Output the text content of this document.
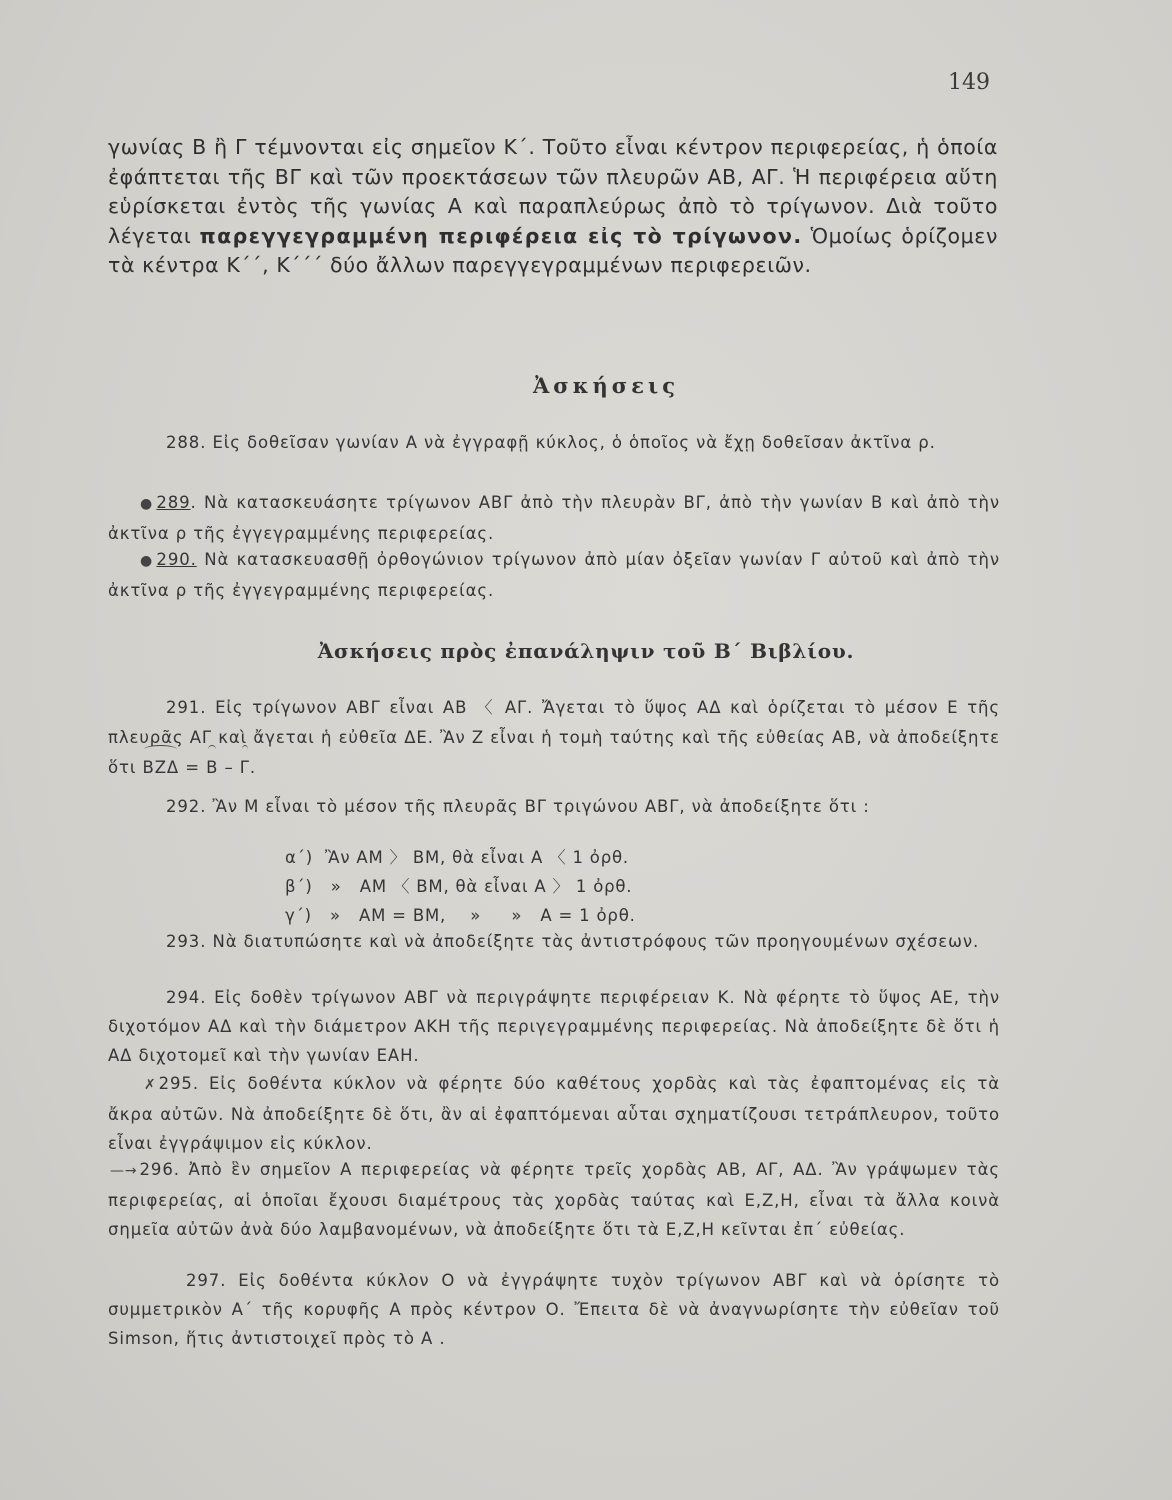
149
γωνίας Β ἢ Γ τέμνονται εἰς σημεῖον Κ΄. Τοῦτο εἶναι κέντρον περιφερείας, ἡ ὁποία ἐφάπτεται τῆς ΒΓ καὶ τῶν προεκτάσεων τῶν πλευρῶν ΑΒ, ΑΓ. Ἡ περιφέρεια αὕτη εὑρίσκεται ἐντὸς τῆς γωνίας Α καὶ παραπλεύρως ἀπὸ τὸ τρίγωνον. Διὰ τοῦτο λέγεται παρεγγεγραμμένη περιφέρεια εἰς τὸ τρίγωνον. Ὁμοίως ὁρίζομεν τὰ κέντρα Κ΄΄, Κ΄΄΄ δύο ἄλλων παρεγγεγραμμένων περιφερειῶν.
Ἀσκήσεις
288. Εἰς δοθεῖσαν γωνίαν Α νὰ ἐγγραφῇ κύκλος, ὁ ὁποῖος νὰ ἔχῃ δοθεῖσαν ἀκτῖνα ρ.
● 289. Νὰ κατασκευάσητε τρίγωνον ΑΒΓ ἀπὸ τὴν πλευρὰν ΒΓ, ἀπὸ τὴν γωνίαν Β καὶ ἀπὸ τὴν ἀκτῖνα ρ τῆς ἐγγεγραμμένης περιφερείας.
● 290. Νὰ κατασκευασθῇ ὀρθογώνιον τρίγωνον ἀπὸ μίαν ὀξεῖαν γωνίαν Γ αὐτοῦ καὶ ἀπὸ τὴν ἀκτῖνα ρ τῆς ἐγγεγραμμένης περιφερείας.
Ἀσκήσεις πρὸς ἐπανάληψιν τοῦ Β΄ Βιβλίου.
291. Εἰς τρίγωνον ΑΒΓ εἶναι ΑΒ 〈 ΑΓ. Ἄγεται τὸ ὕψος ΑΔ καὶ ὁρίζεται τὸ μέσον Ε τῆς πλευρᾶς ΑΓ καὶ ἄγεται ἡ εὐθεῖα ΔΕ. Ἂν Ζ εἶναι ἡ τομὴ ταύτης καὶ τῆς εὐθείας ΑΒ, νὰ ἀποδείξητε ὅτι ΒΖΔ = Β – Γ.
292. Ἂν Μ εἶναι τὸ μέσον τῆς πλευρᾶς ΒΓ τριγώνου ΑΒΓ, νὰ ἀποδείξητε ὅτι :
α΄)  Ἂν ΑΜ 〉 ΒΜ, θὰ εἶναι Α 〈 1 ὀρθ.
β΄)   »   ΑΜ 〈 ΒΜ, θὰ εἶναι Α 〉 1 ὀρθ.
γ΄)   »   ΑΜ = ΒΜ,    »     »   Α = 1 ὀρθ.
293. Νὰ διατυπώσητε καὶ νὰ ἀποδείξητε τὰς ἀντιστρόφους τῶν προηγουμένων σχέσεων.
294. Εἰς δοθὲν τρίγωνον ΑΒΓ νὰ περιγράψητε περιφέρειαν Κ. Νὰ φέρητε τὸ ὕψος ΑΕ, τὴν διχοτόμον ΑΔ καὶ τὴν διάμετρον ΑΚΗ τῆς περιγεγραμμένης περιφερείας. Νὰ ἀποδείξητε δὲ ὅτι ἡ ΑΔ διχοτομεῖ καὶ τὴν γωνίαν ΕΑΗ.
✗ 295. Εἰς δοθέντα κύκλον νὰ φέρητε δύο καθέτους χορδὰς καὶ τὰς ἐφαπτομένας εἰς τὰ ἄκρα αὐτῶν. Νὰ ἀποδείξητε δὲ ὅτι, ἂν αἱ ἐφαπτόμεναι αὗται σχηματίζουσι τετράπλευρον, τοῦτο εἶναι ἐγγράψιμον εἰς κύκλον.
—→ 296. Ἀπὸ ἓν σημεῖον Α περιφερείας νὰ φέρητε τρεῖς χορδὰς ΑΒ, ΑΓ, ΑΔ. Ἂν γράψωμεν τὰς περιφερείας, αἱ ὁποῖαι ἔχουσι διαμέτρους τὰς χορδὰς ταύτας καὶ Ε,Ζ,Η, εἶναι τὰ ἄλλα κοινὰ σημεῖα αὐτῶν ἀνὰ δύο λαμβανομένων, νὰ ἀποδείξητε ὅτι τὰ Ε,Ζ,Η κεῖνται ἐπ΄ εὐθείας.
297. Εἰς δοθέντα κύκλον Ο νὰ ἐγγράψητε τυχὸν τρίγωνον ΑΒΓ καὶ νὰ ὁρίσητε τὸ συμμετρικὸν Α΄ τῆς κορυφῆς Α πρὸς κέντρον Ο. Ἔπειτα δὲ νὰ ἀναγνωρίσητε τὴν εὐθεῖαν τοῦ Simson, ἥτις ἀντιστοιχεῖ πρὸς τὸ Α .
